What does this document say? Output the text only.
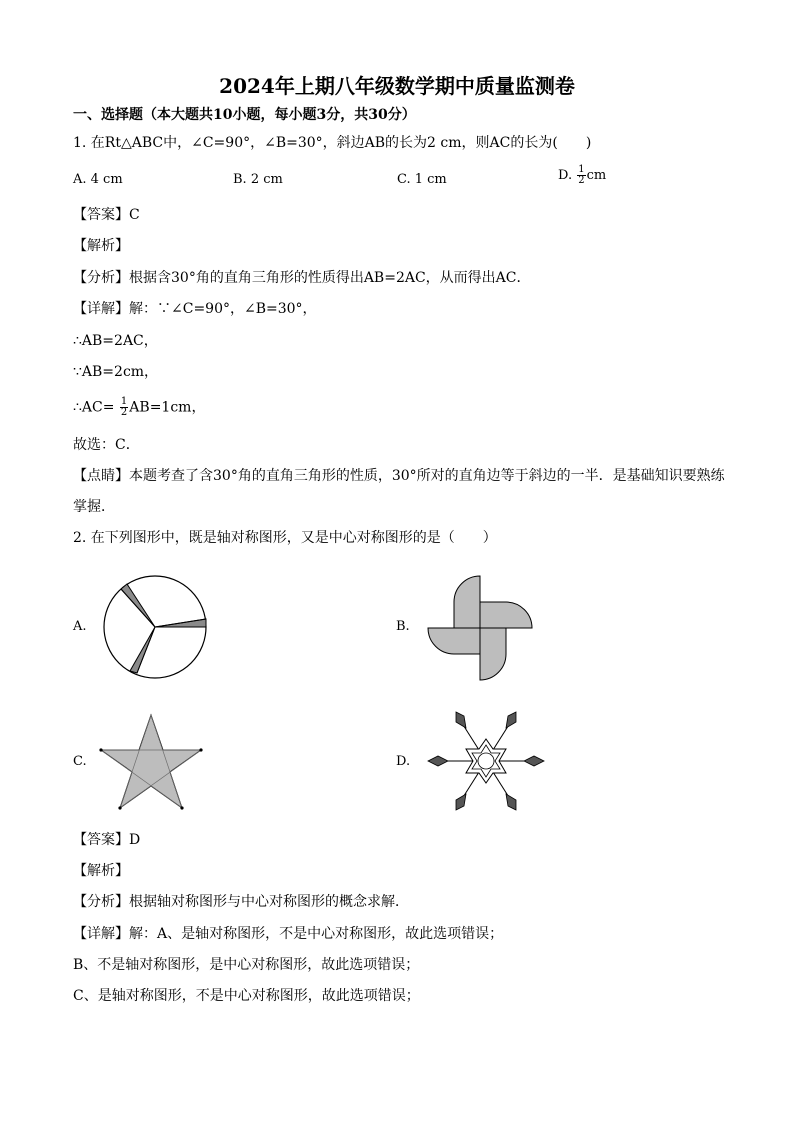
2024年上期八年级数学期中质量监测卷
一、选择题（本大题共10小题，每小题3分，共30分）
1. 在Rt△ABC中，∠C=90°，∠B=30°，斜边AB的长为2 cm，则AC的长为(　　)
A. 4 cm	B. 2 cm	C. 1 cm	D. $\frac{1}{2}$ cm
【答案】C
【解析】
【分析】根据含30°角的直角三角形的性质得出AB=2AC，从而得出AC．
【详解】解：∵∠C=90°，∠B=30°，
∴AB=2AC，
∵AB=2cm，
∴AC= $\frac{1}{2} AB=1cm$，
故选：C．
【点睛】本题考查了含30°角的直角三角形的性质，30°所对的直角边等于斜边的一半．是基础知识要熟练
掌握．
2. 在下列图形中，既是轴对称图形，又是中心对称图形的是（　　）
A.	B.
C.	D.
【答案】D
【解析】
【分析】根据轴对称图形与中心对称图形的概念求解．
【详解】解：A、是轴对称图形，不是中心对称图形，故此选项错误；
B、不是轴对称图形，是中心对称图形，故此选项错误；
C、是轴对称图形，不是中心对称图形，故此选项错误；
